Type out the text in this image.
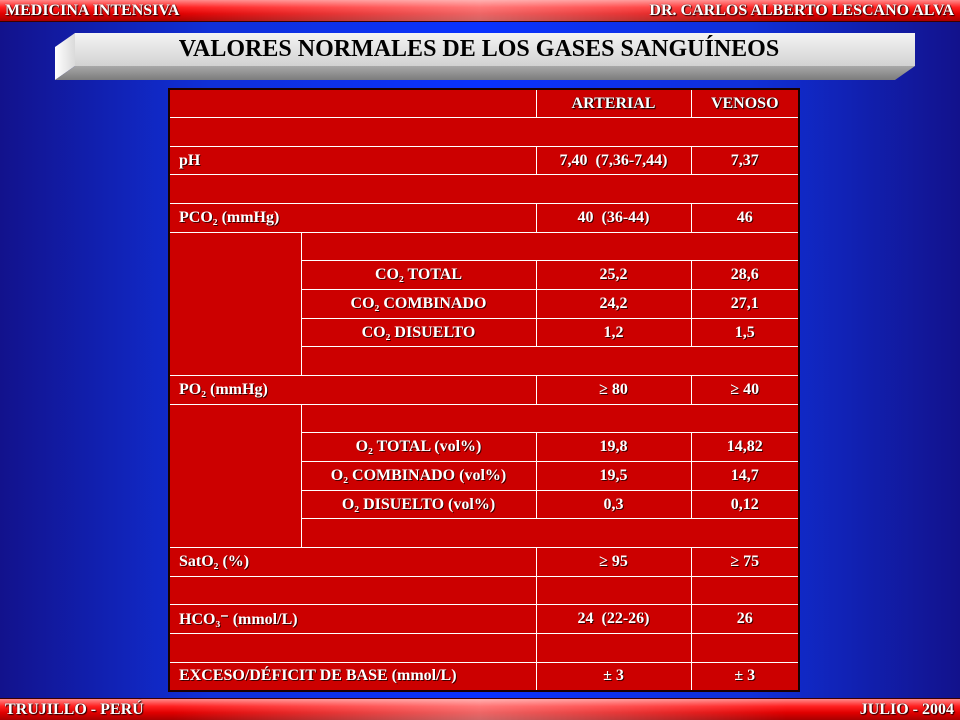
MEDICINA INTENSIVA	DR. CARLOS ALBERTO LESCANO ALVA
VALORES NORMALES DE LOS GASES SANGUÍNEOS
		ARTERIAL	VENOSO

pH		7,40  (7,36-7,44)	7,37

PCO₂ (mmHg)		40  (36-44)	46

	CO₂ TOTAL	25,2	28,6
	CO₂ COMBINADO	24,2	27,1
	CO₂ DISUELTO	1,2	1,5

PO₂ (mmHg)		≥ 80	≥ 40

	O₂ TOTAL (vol%)	19,8	14,82
	O₂ COMBINADO (vol%)	19,5	14,7
	O₂ DISUELTO (vol%)	0,3	0,12

SatO₂ (%)		≥ 95	≥ 75

HCO₃⁻ (mmol/L)		24  (22-26)	26

EXCESO/DÉFICIT DE BASE (mmol/L)		± 3	± 3
TRUJILLO - PERÚ	JULIO - 2004
